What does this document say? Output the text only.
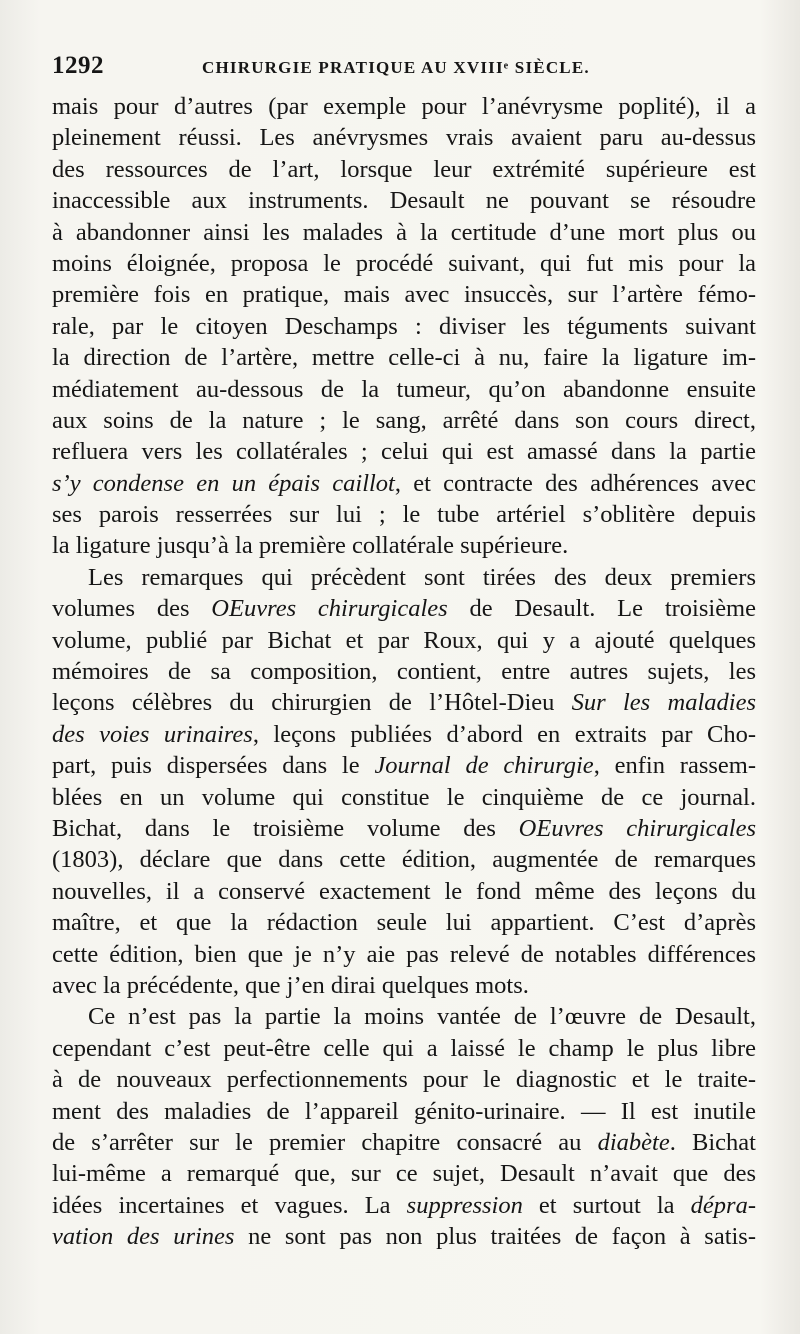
1292	CHIRURGIE PRATIQUE AU XVIIIᵉ SIÈCLE.
mais pour d’autres (par exemple pour l’anévrysme poplité), il a
pleinement réussi. Les anévrysmes vrais avaient paru au-dessus
des ressources de l’art, lorsque leur extrémité supérieure est
inaccessible aux instruments. Desault ne pouvant se résoudre
à abandonner ainsi les malades à la certitude d’une mort plus ou
moins éloignée, proposa le procédé suivant, qui fut mis pour la
première fois en pratique, mais avec insuccès, sur l’artère fémo-
rale, par le citoyen Deschamps : diviser les téguments suivant
la direction de l’artère, mettre celle-ci à nu, faire la ligature im-
médiatement au-dessous de la tumeur, qu’on abandonne ensuite
aux soins de la nature ; le sang, arrêté dans son cours direct,
refluera vers les collatérales ; celui qui est amassé dans la partie
s’y condense en un épais caillot, et contracte des adhérences avec
ses parois resserrées sur lui ; le tube artériel s’oblitère depuis
la ligature jusqu’à la première collatérale supérieure.
Les remarques qui précèdent sont tirées des deux premiers
volumes des OEuvres chirurgicales de Desault. Le troisième
volume, publié par Bichat et par Roux, qui y a ajouté quelques
mémoires de sa composition, contient, entre autres sujets, les
leçons célèbres du chirurgien de l’Hôtel-Dieu Sur les maladies
des voies urinaires, leçons publiées d’abord en extraits par Cho-
part, puis dispersées dans le Journal de chirurgie, enfin rassem-
blées en un volume qui constitue le cinquième de ce journal.
Bichat, dans le troisième volume des OEuvres chirurgicales
(1803), déclare que dans cette édition, augmentée de remarques
nouvelles, il a conservé exactement le fond même des leçons du
maître, et que la rédaction seule lui appartient. C’est d’après
cette édition, bien que je n’y aie pas relevé de notables différences
avec la précédente, que j’en dirai quelques mots.
Ce n’est pas la partie la moins vantée de l’œuvre de Desault,
cependant c’est peut-être celle qui a laissé le champ le plus libre
à de nouveaux perfectionnements pour le diagnostic et le traite-
ment des maladies de l’appareil génito-urinaire. — Il est inutile
de s’arrêter sur le premier chapitre consacré au diabète. Bichat
lui-même a remarqué que, sur ce sujet, Desault n’avait que des
idées incertaines et vagues. La suppression et surtout la dépra-
vation des urines ne sont pas non plus traitées de façon à satis-
